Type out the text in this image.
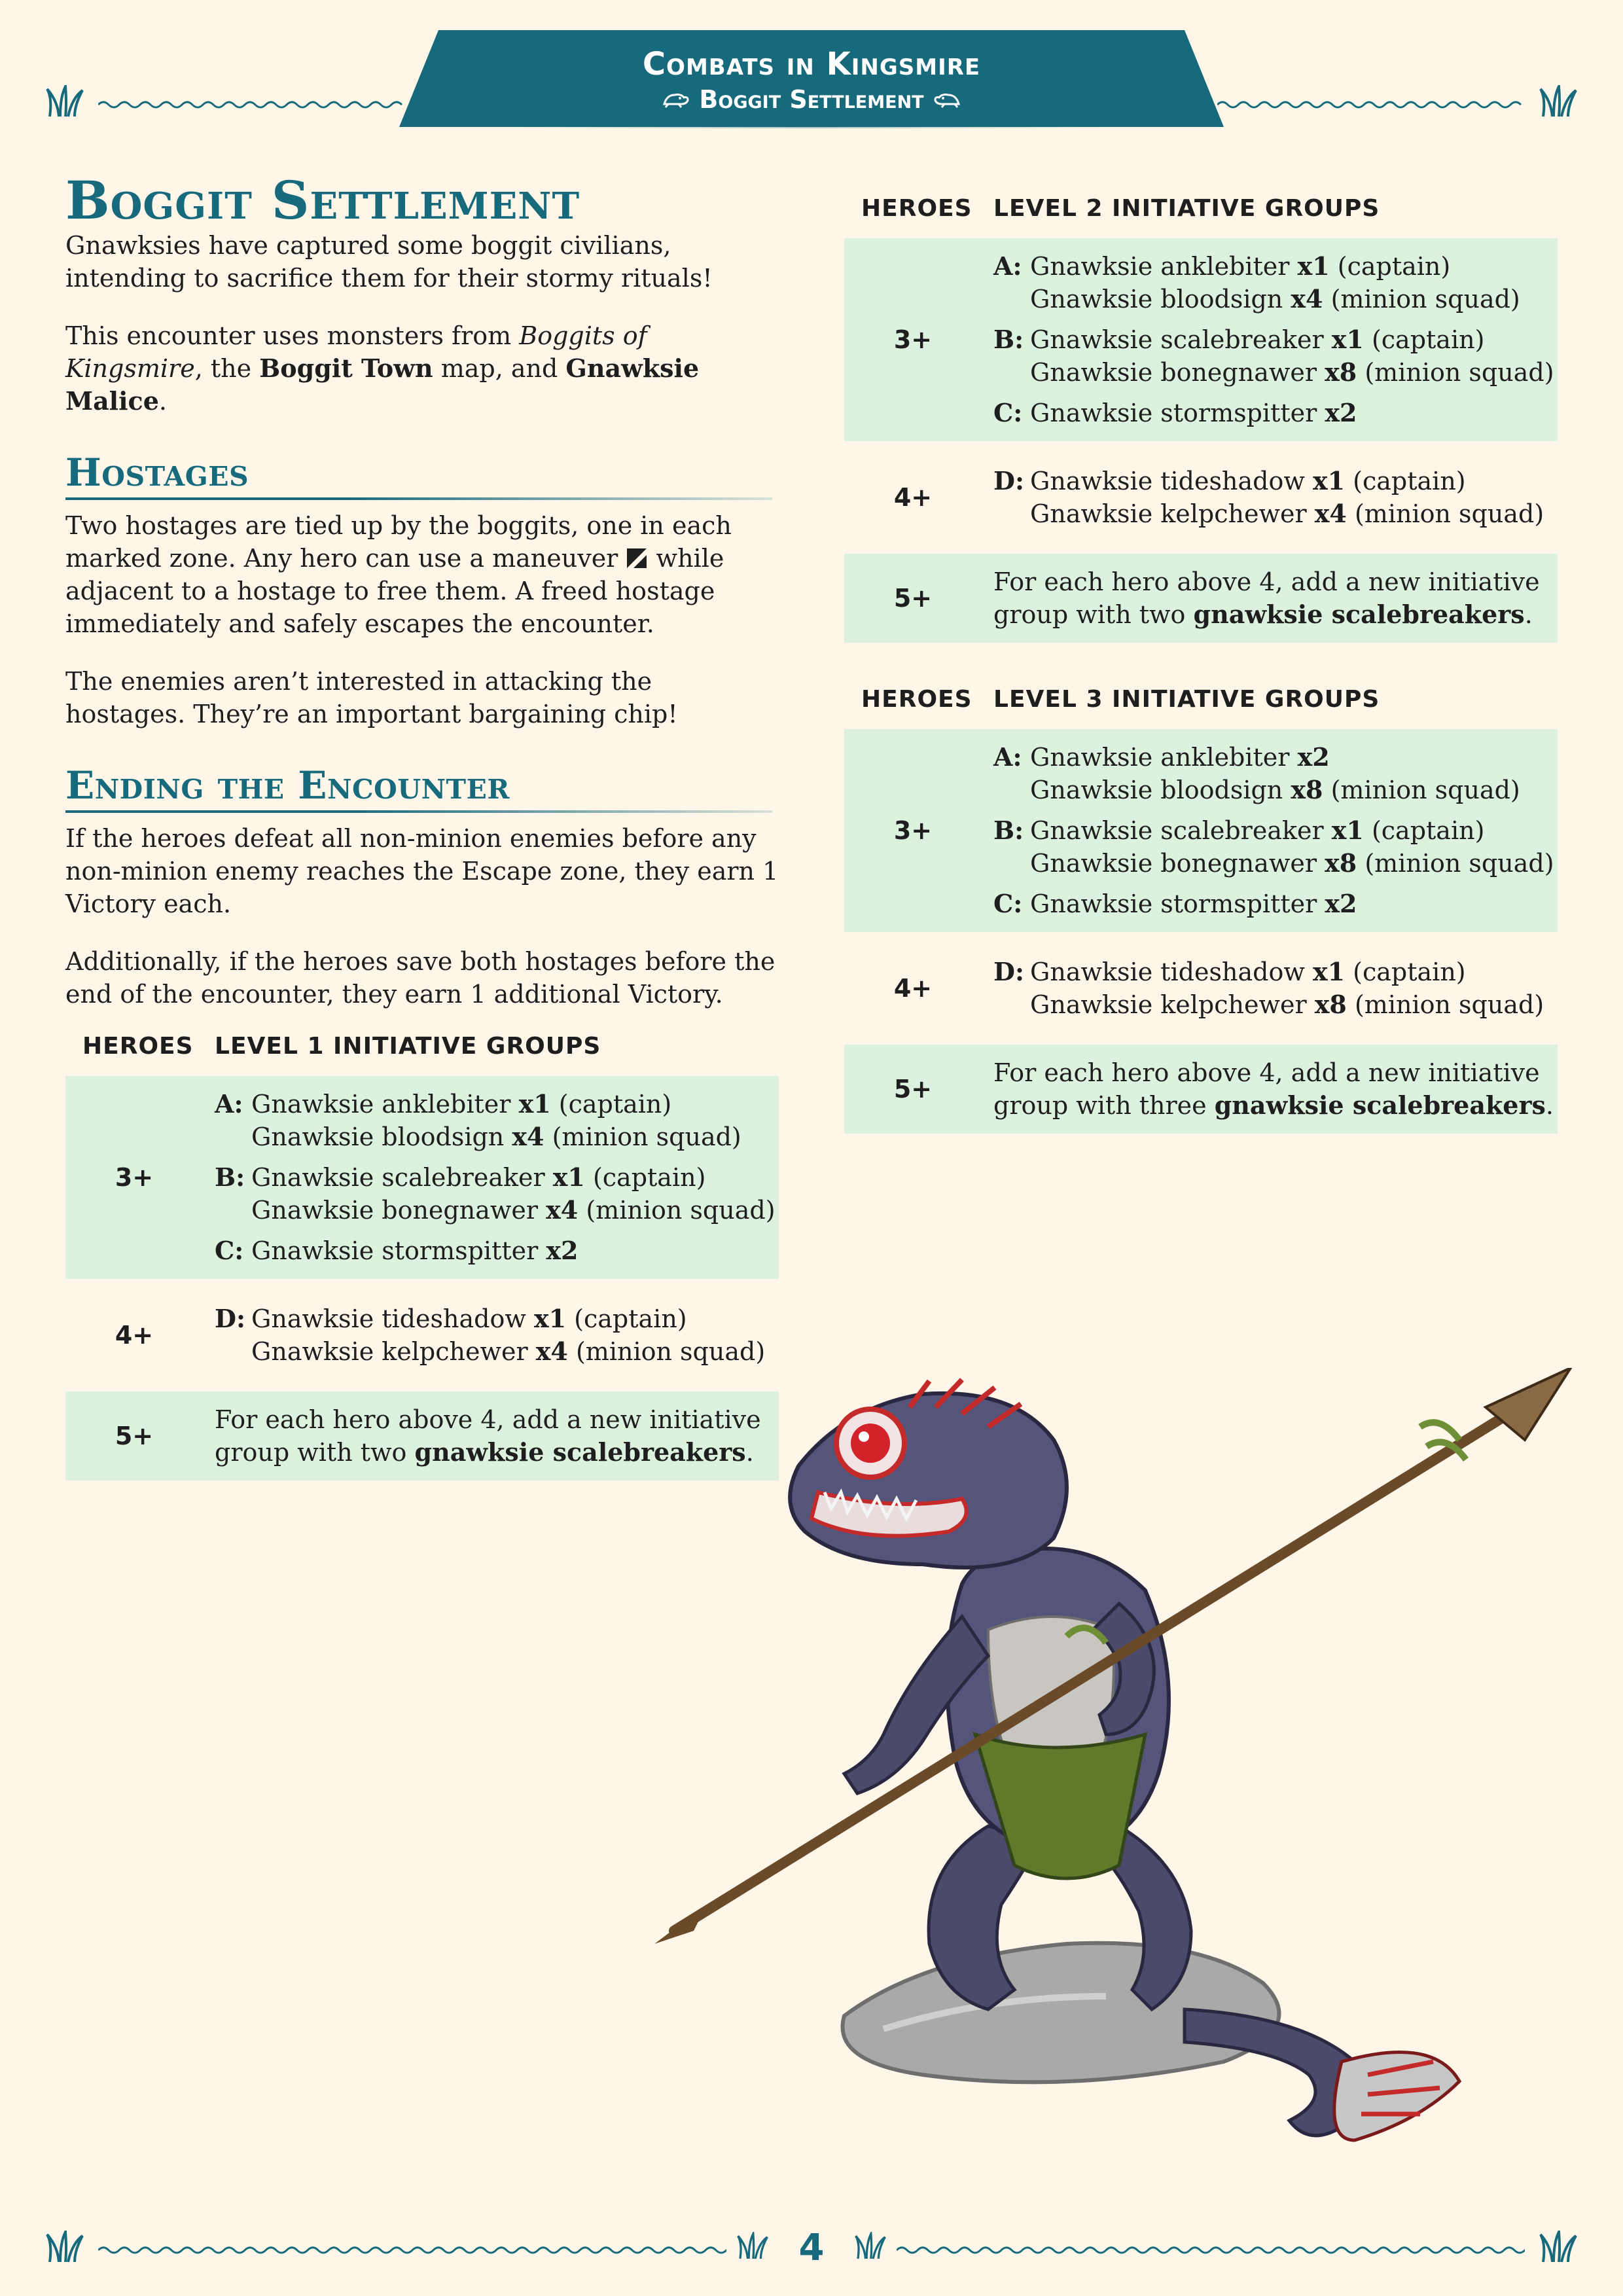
Combats in Kingsmire
Boggit Settlement
Boggit Settlement

Gnawksies have captured some boggit civilians, intending to sacrifice them for their stormy rituals!

This encounter uses monsters from Boggits of Kingsmire, the Boggit Town map, and Gnawksie Malice.

Hostages

Two hostages are tied up by the boggits, one in each marked zone. Any hero can use a maneuver while adjacent to a hostage to free them. A freed hostage immediately and safely escapes the encounter.

The enemies aren’t interested in attacking the hostages. They’re an important bargaining chip!

Ending the Encounter

If the heroes defeat all non-minion enemies before any non-minion enemy reaches the Escape zone, they earn 1 Victory each.

Additionally, if the heroes save both hostages before the end of the encounter, they earn 1 additional Victory.

HEROES LEVEL 1 INITIATIVE GROUPS
3+
A: Gnawksie anklebiter x1 (captain)
Gnawksie bloodsign x4 (minion squad)
B: Gnawksie scalebreaker x1 (captain)
Gnawksie bonegnawer x4 (minion squad)
C: Gnawksie stormspitter x2
4+
D: Gnawksie tideshadow x1 (captain)
Gnawksie kelpchewer x4 (minion squad)
5+
For each hero above 4, add a new initiative group with two gnawksie scalebreakers.
HEROES LEVEL 2 INITIATIVE GROUPS
3+
A: Gnawksie anklebiter x1 (captain)
Gnawksie bloodsign x4 (minion squad)
B: Gnawksie scalebreaker x1 (captain)
Gnawksie bonegnawer x8 (minion squad)
C: Gnawksie stormspitter x2
4+
D: Gnawksie tideshadow x1 (captain)
Gnawksie kelpchewer x4 (minion squad)
5+
For each hero above 4, add a new initiative group with two gnawksie scalebreakers.
HEROES LEVEL 3 INITIATIVE GROUPS
3+
A: Gnawksie anklebiter x2
Gnawksie bloodsign x8 (minion squad)
B: Gnawksie scalebreaker x1 (captain)
Gnawksie bonegnawer x8 (minion squad)
C: Gnawksie stormspitter x2
4+
D: Gnawksie tideshadow x1 (captain)
Gnawksie kelpchewer x8 (minion squad)
5+
For each hero above 4, add a new initiative group with three gnawksie scalebreakers.
4
